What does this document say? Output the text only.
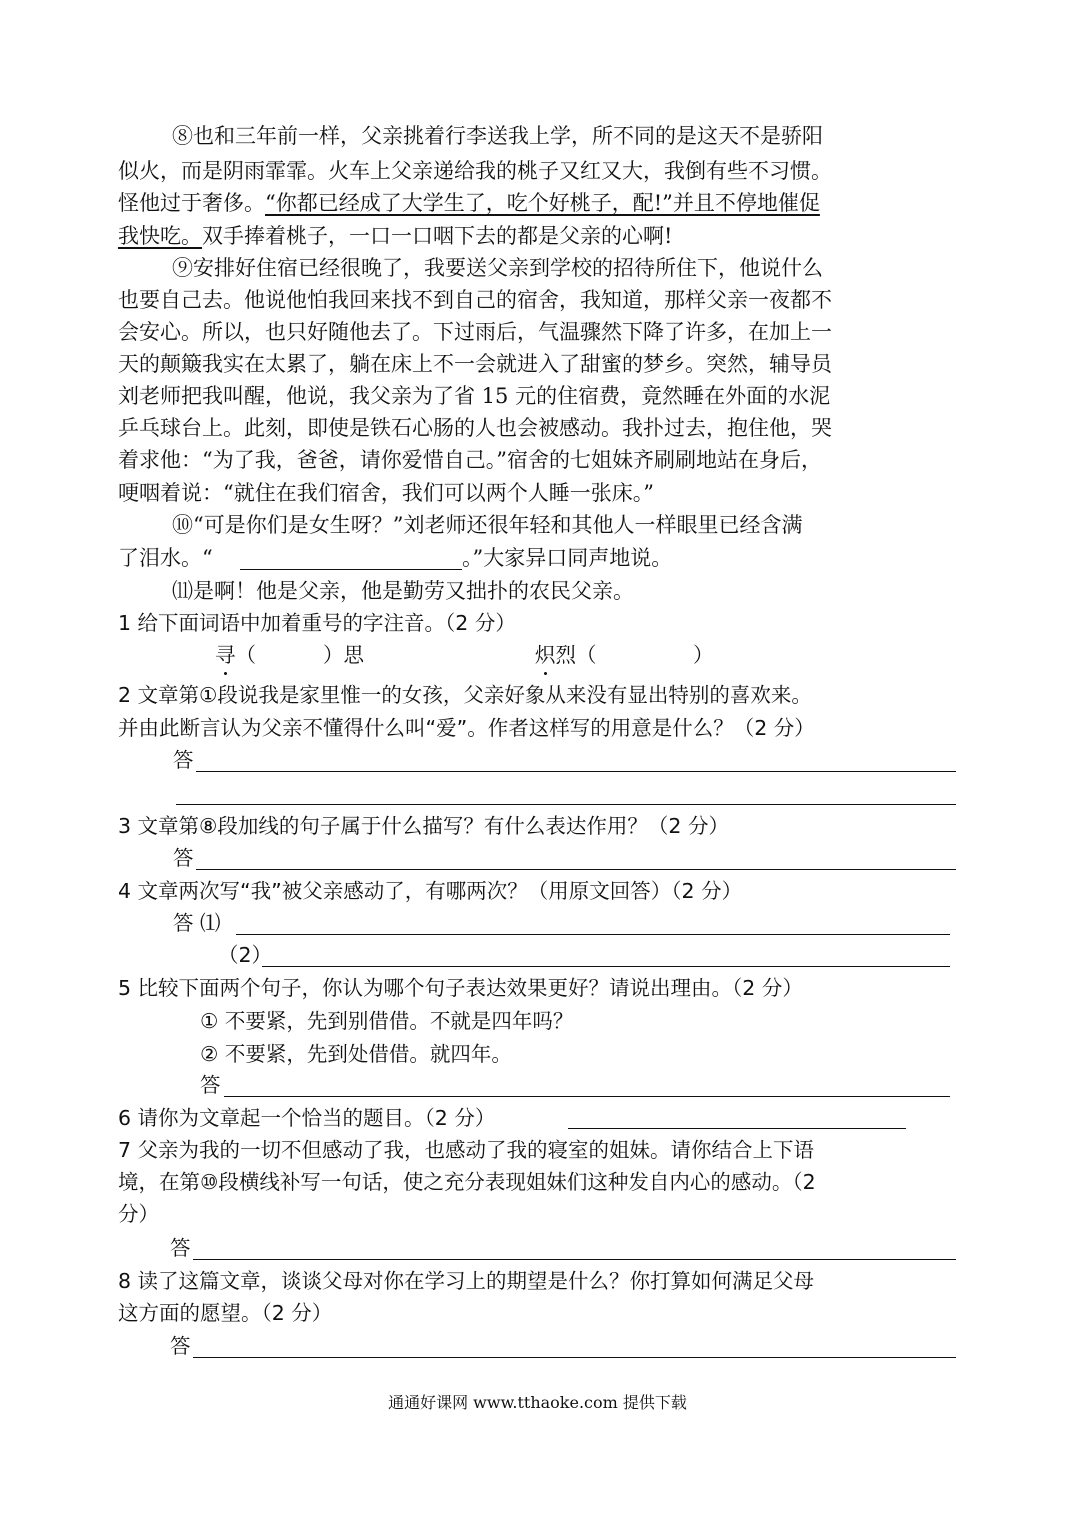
⑧也和三年前一样，父亲挑着行李送我上学，所不同的是这天不是骄阳
似火，而是阴雨霏霏。火车上父亲递给我的桃子又红又大，我倒有些不习惯。
怪他过于奢侈。“你都已经成了大学生了，吃个好桃子，配!”并且不停地催促
我快吃。双手捧着桃子，一口一口咽下去的都是父亲的心啊!
⑨安排好住宿已经很晚了，我要送父亲到学校的招待所住下，他说什么
也要自己去。他说他怕我回来找不到自己的宿舍，我知道，那样父亲一夜都不
会安心。所以，也只好随他去了。下过雨后，气温骤然下降了许多，在加上一
天的颠簸我实在太累了，躺在床上不一会就进入了甜蜜的梦乡。突然，辅导员
刘老师把我叫醒，他说，我父亲为了省 15 元的住宿费，竟然睡在外面的水泥
乒乓球台上。此刻，即使是铁石心肠的人也会被感动。我扑过去，抱住他，哭
着求他：“为了我，爸爸，请你爱惜自己。”宿舍的七姐妹齐刷刷地站在身后，
哽咽着说：“就住在我们宿舍，我们可以两个人睡一张床。”
⑩“可是你们是女生呀？”刘老师还很年轻和其他人一样眼里已经含满
了泪水。“	。”大家异口同声地说。
⑾是啊！他是父亲，他是勤劳又拙扑的农民父亲。
1 给下面词语中加着重号的字注音。（2 分）
寻（	）思	炽烈（	）
2 文章第①段说我是家里惟一的女孩，父亲好象从来没有显出特别的喜欢来。
并由此断言认为父亲不懂得什么叫“爱”。作者这样写的用意是什么？（2 分）
答
3 文章第⑧段加线的句子属于什么描写？有什么表达作用？（2 分）
答
4 文章两次写“我”被父亲感动了，有哪两次？（用原文回答）（2 分）
答 ⑴
（2）
5 比较下面两个句子，你认为哪个句子表达效果更好？请说出理由。（2 分）
① 不要紧，先到别借借。不就是四年吗？
② 不要紧，先到处借借。就四年。
答
6 请你为文章起一个恰当的题目。（2 分）
7 父亲为我的一切不但感动了我，也感动了我的寝室的姐妹。请你结合上下语
境，在第⑩段横线补写一句话，使之充分表现姐妹们这种发自内心的感动。（2
分）
答
8 读了这篇文章，谈谈父母对你在学习上的期望是什么？你打算如何满足父母
这方面的愿望。（2 分）
答
通通好课网 www.tthaoke.com 提供下载
